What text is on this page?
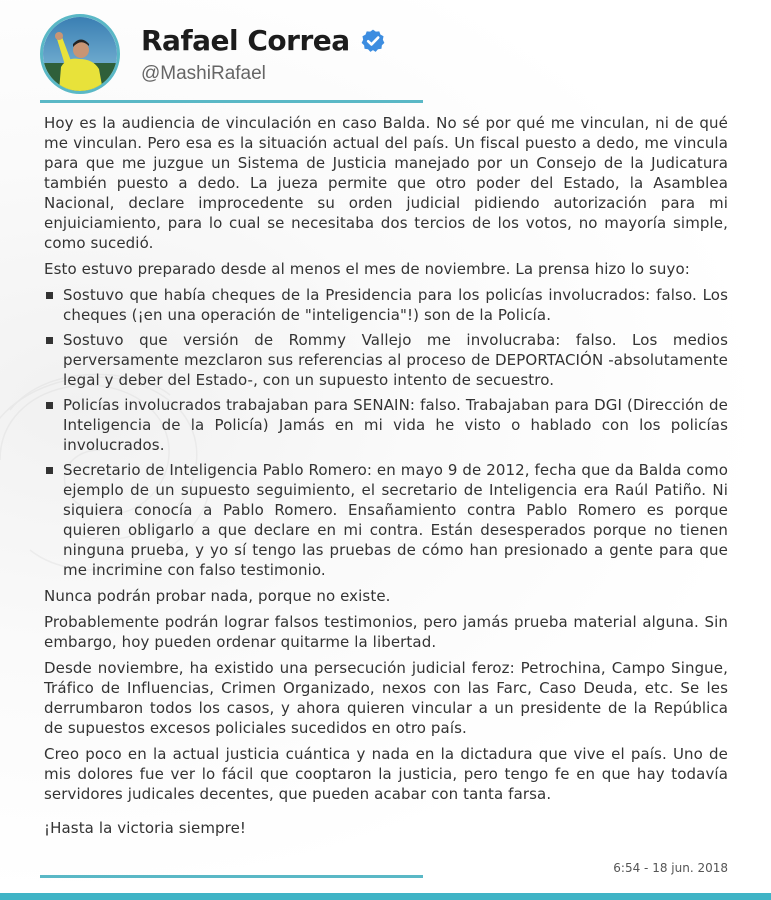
Rafael Correa
@MashiRafael

Hoy es la audiencia de vinculación en caso Balda. No sé por qué me vinculan, ni de qué me vinculan. Pero esa es la situación actual del país. Un fiscal puesto a dedo, me vincula para que me juzgue un Sistema de Justicia manejado por un Consejo de la Judicatura también puesto a dedo. La jueza permite que otro poder del Estado, la Asamblea Nacional, declare improcedente su orden judicial pidiendo autorización para mi enjuiciamiento, para lo cual se necesitaba dos tercios de los votos, no mayoría simple, como sucedió.

Esto estuvo preparado desde al menos el mes de noviembre. La prensa hizo lo suyo:

Sostuvo que había cheques de la Presidencia para los policías involucrados: falso. Los cheques (¡en una operación de "inteligencia"!) son de la Policía.
Sostuvo que versión de Rommy Vallejo me involucraba: falso. Los medios perversamente mezclaron sus referencias al proceso de DEPORTACIÓN -absolutamente legal y deber del Estado-, con un supuesto intento de secuestro.
Policías involucrados trabajaban para SENAIN: falso. Trabajaban para DGI (Dirección de Inteligencia de la Policía) Jamás en mi vida he visto o hablado con los policías involucrados.
Secretario de Inteligencia Pablo Romero: en mayo 9 de 2012, fecha que da Balda como ejemplo de un supuesto seguimiento, el secretario de Inteligencia era Raúl Patiño. Ni siquiera conocía a Pablo Romero. Ensañamiento contra Pablo Romero es porque quieren obligarlo a que declare en mi contra. Están desesperados porque no tienen ninguna prueba, y yo sí tengo las pruebas de cómo han presionado a gente para que me incrimine con falso testimonio.

Nunca podrán probar nada, porque no existe.

Probablemente podrán lograr falsos testimonios, pero jamás prueba material alguna. Sin embargo, hoy pueden ordenar quitarme la libertad.

Desde noviembre, ha existido una persecución judicial feroz: Petrochina, Campo Singue, Tráfico de Influencias, Crimen Organizado, nexos con las Farc, Caso Deuda, etc. Se les derrumbaron todos los casos, y ahora quieren vincular a un presidente de la República de supuestos excesos policiales sucedidos en otro país.

Creo poco en la actual justicia cuántica y nada en la dictadura que vive el país. Uno de mis dolores fue ver lo fácil que cooptaron la justicia, pero tengo fe en que hay todavía servidores judicales decentes, que pueden acabar con tanta farsa.

¡Hasta la victoria siempre!

6:54 - 18 jun. 2018
